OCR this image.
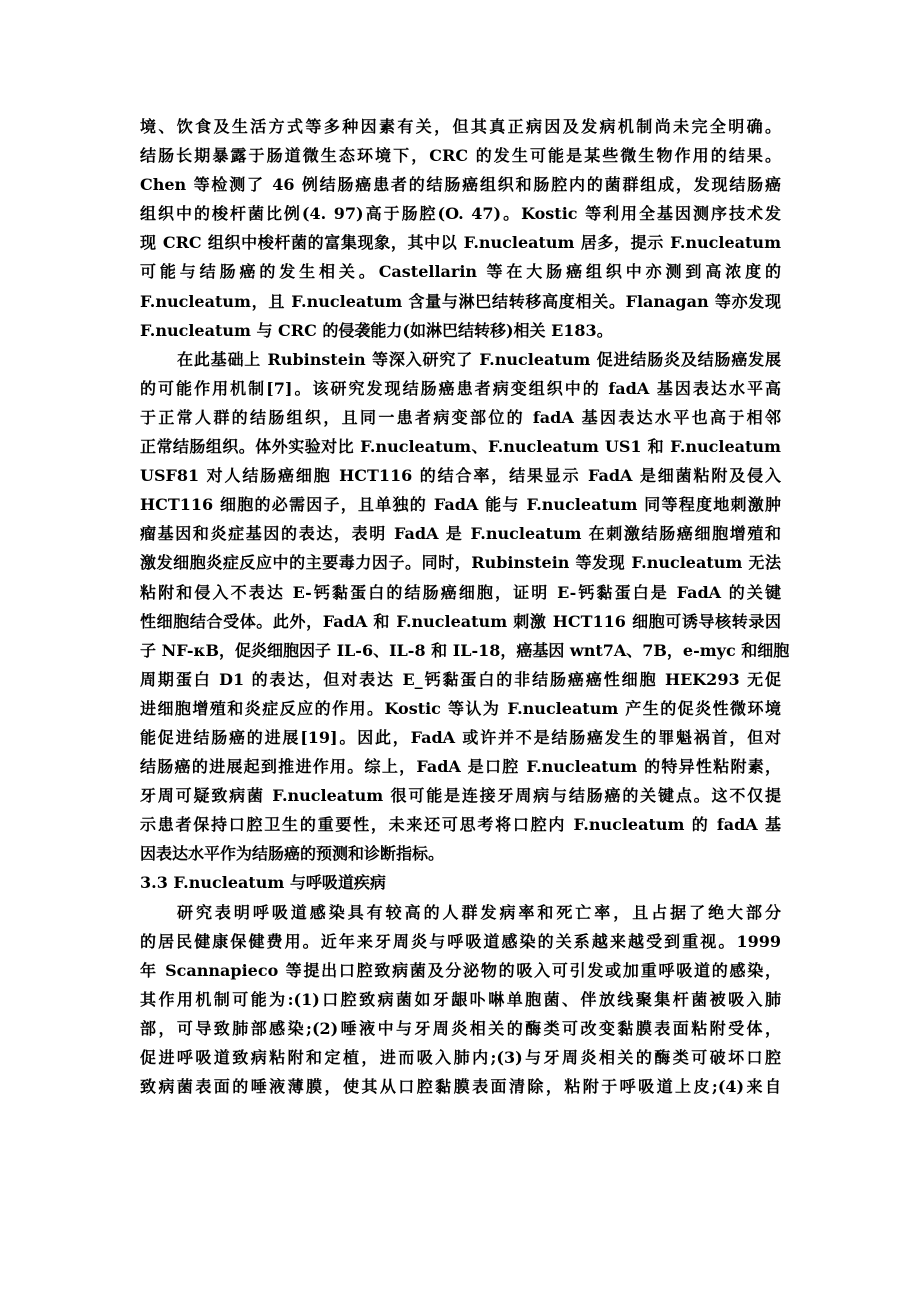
境、饮食及生活方式等多种因素有关，但其真正病因及发病机制尚未完全明确。
结肠长期暴露于肠道微生态环境下，CRC 的发生可能是某些微生物作用的结果。
Chen 等检测了 46 例结肠癌患者的结肠癌组织和肠腔内的菌群组成，发现结肠癌
组织中的梭杆菌比例(4. 97)高于肠腔(O. 47)。Kostic 等利用全基因测序技术发
现 CRC 组织中梭杆菌的富集现象，其中以 F.nucleatum 居多，提示 F.nucleatum
可能与结肠癌的发生相关。Castellarin 等在大肠癌组织中亦测到高浓度的
F.nucleatum，且 F.nucleatum 含量与淋巴结转移高度相关。Flanagan 等亦发现
F.nucleatum 与 CRC 的侵袭能力(如淋巴结转移)相关 E183。
在此基础上 Rubinstein 等深入研究了 F.nucleatum 促进结肠炎及结肠癌发展
的可能作用机制[7]。该研究发现结肠癌患者病变组织中的 fadA 基因表达水平高
于正常人群的结肠组织，且同一患者病变部位的 fadA 基因表达水平也高于相邻
正常结肠组织。体外实验对比 F.nucleatum、F.nucleatum US1 和 F.nucleatum
USF81 对人结肠癌细胞 HCT116 的结合率，结果显示 FadA 是细菌粘附及侵入
HCT116 细胞的必需因子，且单独的 FadA 能与 F.nucleatum 同等程度地刺激肿
瘤基因和炎症基因的表达，表明 FadA 是 F.nucleatum 在刺激结肠癌细胞增殖和
激发细胞炎症反应中的主要毒力因子。同时，Rubinstein 等发现 F.nucleatum 无法
粘附和侵入不表达 E-钙黏蛋白的结肠癌细胞，证明 E-钙黏蛋白是 FadA 的关键
性细胞结合受体。此外，FadA 和 F.nucleatum 刺激 HCT116 细胞可诱导核转录因
子 NF-κB，促炎细胞因子 IL-6、IL-8 和 IL-18，癌基因 wnt7A、7B，e-myc 和细胞
周期蛋白 D1 的表达，但对表达 E_钙黏蛋白的非结肠癌癌性细胞 HEK293 无促
进细胞增殖和炎症反应的作用。Kostic 等认为 F.nucleatum 产生的促炎性微环境
能促进结肠癌的进展[19]。因此，FadA 或许并不是结肠癌发生的罪魁祸首，但对
结肠癌的进展起到推进作用。综上，FadA 是口腔 F.nucleatum 的特异性粘附素，
牙周可疑致病菌 F.nucleatum 很可能是连接牙周病与结肠癌的关键点。这不仅提
示患者保持口腔卫生的重要性，未来还可思考将口腔内 F.nucleatum 的 fadA 基
因表达水平作为结肠癌的预测和诊断指标。
3.3 F.nucleatum 与呼吸道疾病
研究表明呼吸道感染具有较高的人群发病率和死亡率，且占据了绝大部分
的居民健康保健费用。近年来牙周炎与呼吸道感染的关系越来越受到重视。1999
年 Scannapieco 等提出口腔致病菌及分泌物的吸入可引发或加重呼吸道的感染，
其作用机制可能为:(1)口腔致病菌如牙龈卟啉单胞菌、伴放线聚集杆菌被吸入肺
部，可导致肺部感染;(2)唾液中与牙周炎相关的酶类可改变黏膜表面粘附受体，
促进呼吸道致病粘附和定植，进而吸入肺内;(3)与牙周炎相关的酶类可破坏口腔
致病菌表面的唾液薄膜，使其从口腔黏膜表面清除，粘附于呼吸道上皮;(4)来自
